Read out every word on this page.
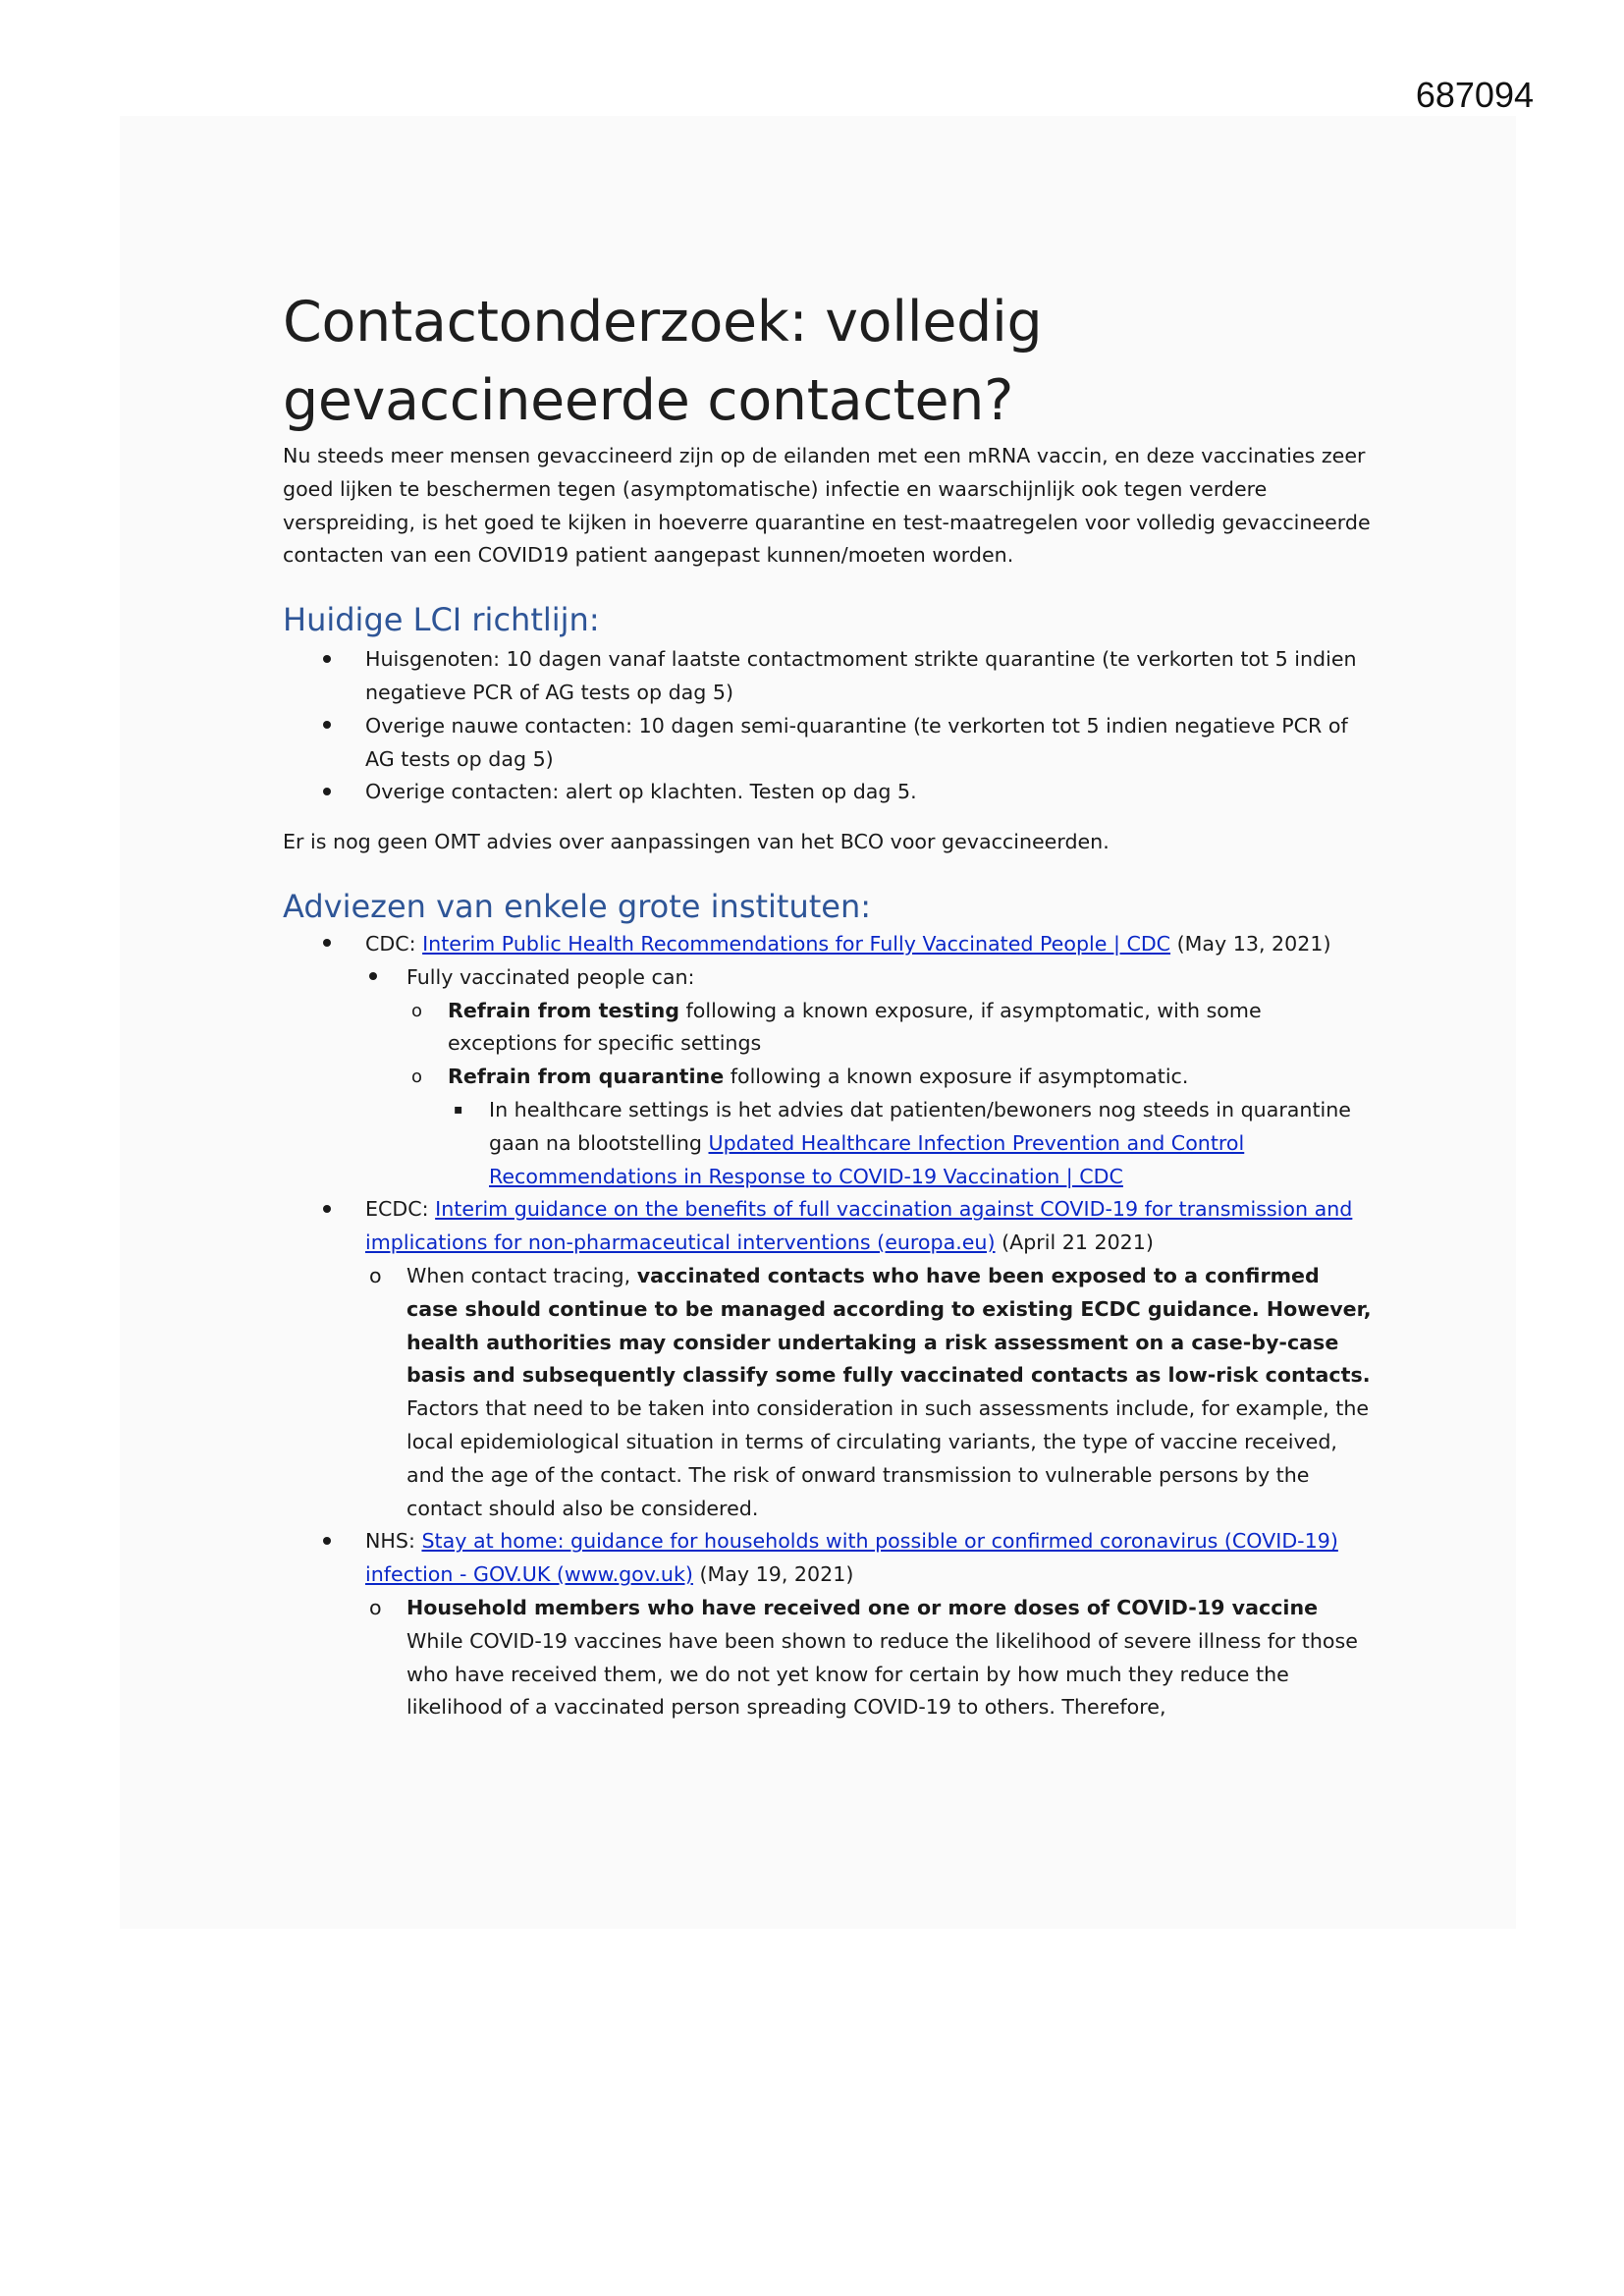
687094
Contactonderzoek: volledig gevaccineerde contacten?

Nu steeds meer mensen gevaccineerd zijn op de eilanden met een mRNA vaccin, en deze vaccinaties zeer goed lijken te beschermen tegen (asymptomatische) infectie en waarschijnlijk ook tegen verdere verspreiding, is het goed te kijken in hoeverre quarantine en test-maatregelen voor volledig gevaccineerde contacten van een COVID19 patient aangepast kunnen/moeten worden.

Huidige LCI richtlijn:
Huisgenoten: 10 dagen vanaf laatste contactmoment strikte quarantine (te verkorten tot 5 indien negatieve PCR of AG tests op dag 5)
Overige nauwe contacten: 10 dagen semi-quarantine (te verkorten tot 5 indien negatieve PCR of AG tests op dag 5)
Overige contacten: alert op klachten. Testen op dag 5.

Er is nog geen OMT advies over aanpassingen van het BCO voor gevaccineerden.

Adviezen van enkele grote instituten:
CDC: Interim Public Health Recommendations for Fully Vaccinated People | CDC (May 13, 2021)
Fully vaccinated people can:
o Refrain from testing following a known exposure, if asymptomatic, with some exceptions for specific settings
o Refrain from quarantine following a known exposure if asymptomatic.
▪ In healthcare settings is het advies dat patienten/bewoners nog steeds in quarantine gaan na blootstelling Updated Healthcare Infection Prevention and Control Recommendations in Response to COVID-19 Vaccination | CDC
ECDC: Interim guidance on the benefits of full vaccination against COVID-19 for transmission and implications for non-pharmaceutical interventions (europa.eu) (April 21 2021)
o When contact tracing, vaccinated contacts who have been exposed to a confirmed case should continue to be managed according to existing ECDC guidance. However, health authorities may consider undertaking a risk assessment on a case-by-case basis and subsequently classify some fully vaccinated contacts as low-risk contacts. Factors that need to be taken into consideration in such assessments include, for example, the local epidemiological situation in terms of circulating variants, the type of vaccine received, and the age of the contact. The risk of onward transmission to vulnerable persons by the contact should also be considered.
NHS: Stay at home: guidance for households with possible or confirmed coronavirus (COVID-19) infection - GOV.UK (www.gov.uk) (May 19, 2021)
o Household members who have received one or more doses of COVID-19 vaccine
While COVID-19 vaccines have been shown to reduce the likelihood of severe illness for those who have received them, we do not yet know for certain by how much they reduce the likelihood of a vaccinated person spreading COVID-19 to others. Therefore,
